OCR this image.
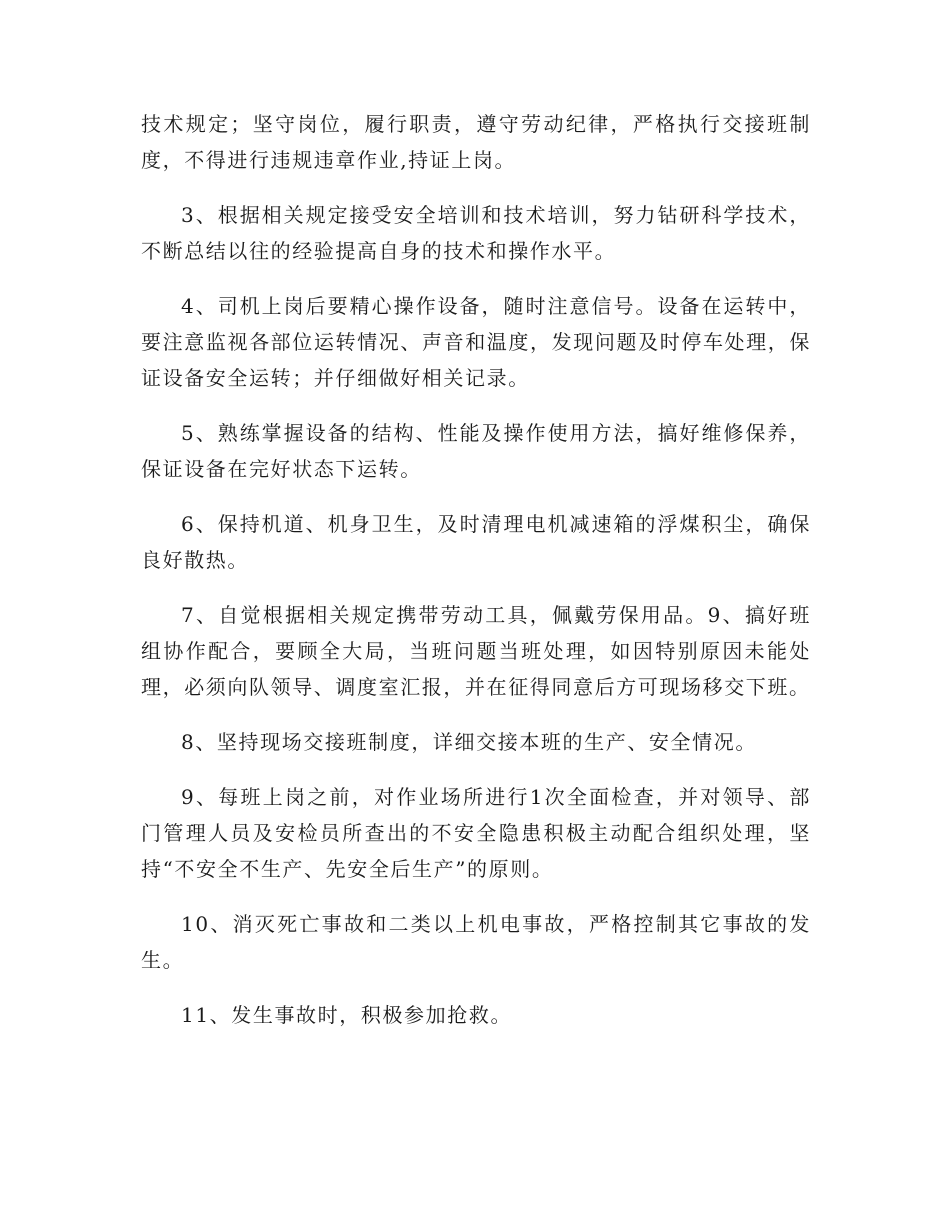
技术规定；坚守岗位，履行职责，遵守劳动纪律，严格执行交接班制度，不得进行违规违章作业,持证上岗。

3、根据相关规定接受安全培训和技术培训，努力钻研科学技术，不断总结以往的经验提高自身的技术和操作水平。

4、司机上岗后要精心操作设备，随时注意信号。设备在运转中，要注意监视各部位运转情况、声音和温度，发现问题及时停车处理，保证设备安全运转；并仔细做好相关记录。

5、熟练掌握设备的结构、性能及操作使用方法，搞好维修保养，保证设备在完好状态下运转。

6、保持机道、机身卫生，及时清理电机减速箱的浮煤积尘，确保良好散热。

7、自觉根据相关规定携带劳动工具，佩戴劳保用品。9、搞好班组协作配合，要顾全大局，当班问题当班处理，如因特别原因未能处理，必须向队领导、调度室汇报，并在征得同意后方可现场移交下班。

8、坚持现场交接班制度，详细交接本班的生产、安全情况。

9、每班上岗之前，对作业场所进行1次全面检查，并对领导、部门管理人员及安检员所查出的不安全隐患积极主动配合组织处理，坚持“不安全不生产、先安全后生产”的原则。

10、消灭死亡事故和二类以上机电事故，严格控制其它事故的发生。

11、发生事故时，积极参加抢救。
